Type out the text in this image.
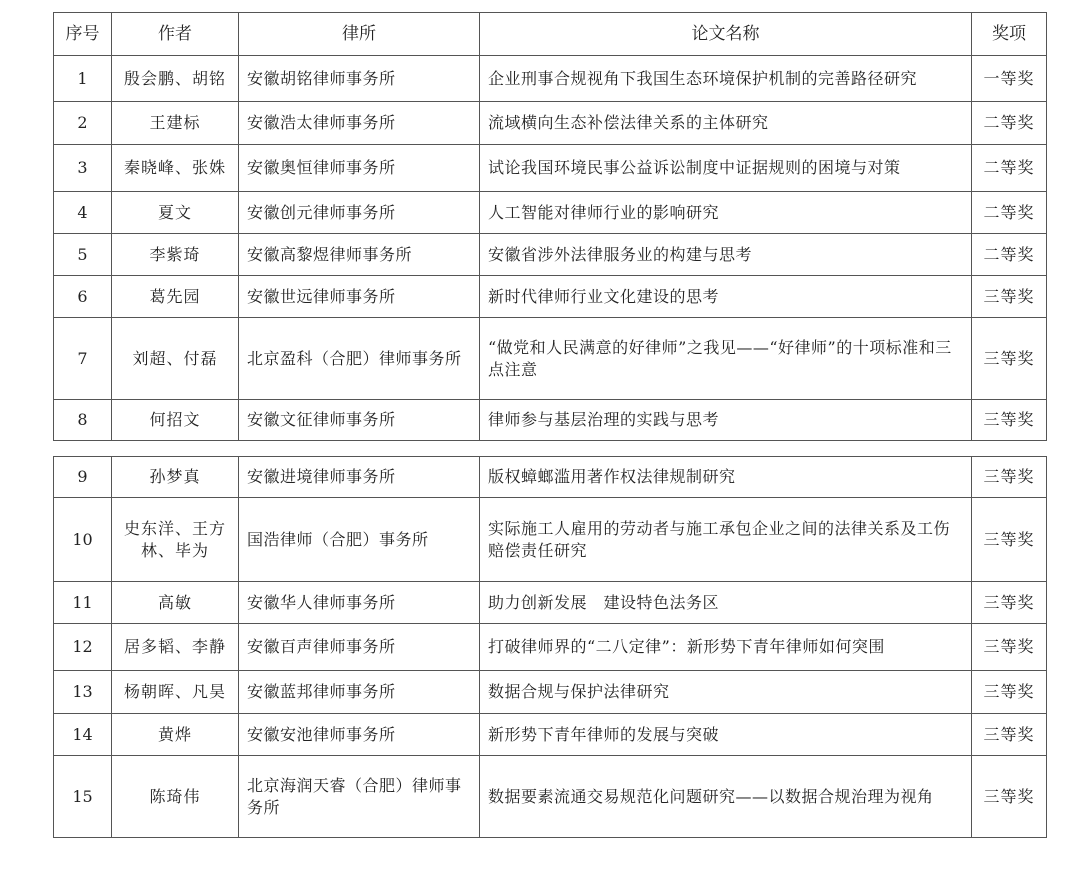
序号	作者	律所	论文名称	奖项
1	殷会鹏、胡铭	安徽胡铭律师事务所	企业刑事合规视角下我国生态环境保护机制的完善路径研究	一等奖
2	王建标	安徽浩太律师事务所	流域横向生态补偿法律关系的主体研究	二等奖
3	秦晓峰、张姝	安徽奥恒律师事务所	试论我国环境民事公益诉讼制度中证据规则的困境与对策	二等奖
4	夏文	安徽创元律师事务所	人工智能对律师行业的影响研究	二等奖
5	李紫琦	安徽高黎煜律师事务所	安徽省涉外法律服务业的构建与思考	二等奖
6	葛先园	安徽世远律师事务所	新时代律师行业文化建设的思考	三等奖
7	刘超、付磊	北京盈科（合肥）律师事务所	“做党和人民满意的好律师”之我见——“好律师”的十项标准和三点注意	三等奖
8	何招文	安徽文征律师事务所	律师参与基层治理的实践与思考	三等奖
9	孙梦真	安徽进境律师事务所	版权蟑螂滥用著作权法律规制研究	三等奖
10	史东洋、王方林、毕为	国浩律师（合肥）事务所	实际施工人雇用的劳动者与施工承包企业之间的法律关系及工伤赔偿责任研究	三等奖
11	高敏	安徽华人律师事务所	助力创新发展　建设特色法务区	三等奖
12	居多韬、李静	安徽百声律师事务所	打破律师界的“二八定律”：新形势下青年律师如何突围	三等奖
13	杨朝晖、凡昊	安徽蓝邦律师事务所	数据合规与保护法律研究	三等奖
14	黄烨	安徽安池律师事务所	新形势下青年律师的发展与突破	三等奖
15	陈琦伟	北京海润天睿（合肥）律师事务所	数据要素流通交易规范化问题研究——以数据合规治理为视角	三等奖
